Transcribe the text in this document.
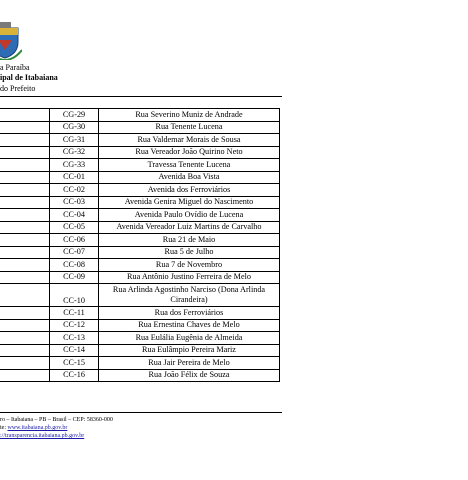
a Paraíba
ipal de Itabaiana
do Prefeito
	CG-29	Rua Severino Muniz de Andrade
	CG-30	Rua Tenente Lucena
	CG-31	Rua Valdemar Morais de Sousa
	CG-32	Rua Vereador João Quirino Neto
	CG-33	Travessa Tenente Lucena
	CC-01	Avenida Boa Vista
	CC-02	Avenida dos Ferroviários
	CC-03	Avenida Genira Miguel do Nascimento
	CC-04	Avenida Paulo Ovídio de Lucena
	CC-05	Avenida Vereador Luiz Martins de Carvalho
	CC-06	Rua 21 de Maio
	CC-07	Rua 5 de Julho
	CC-08	Rua 7 de Novembro
	CC-09	Rua Antônio Justino Ferreira de Melo
	CC-10	Rua Arlinda Agostinho Narciso (Dona Arlinda Cirandeira)
	CC-11	Rua dos Ferroviários
	CC-12	Rua Ernestina Chaves de Melo
	CC-13	Rua Eulália Eugênia de Almeida
	CC-14	Rua Eulâmpio Pereira Mariz
	CC-15	Rua Jair Pereira de Melo
	CC-16	Rua João Félix de Souza
ro – Itabaiana – PB – Brasil – CEP: 58360-000
te: www.itabaiana.pb.gov.br
://transparencia.itabaiana.pb.gov.br
